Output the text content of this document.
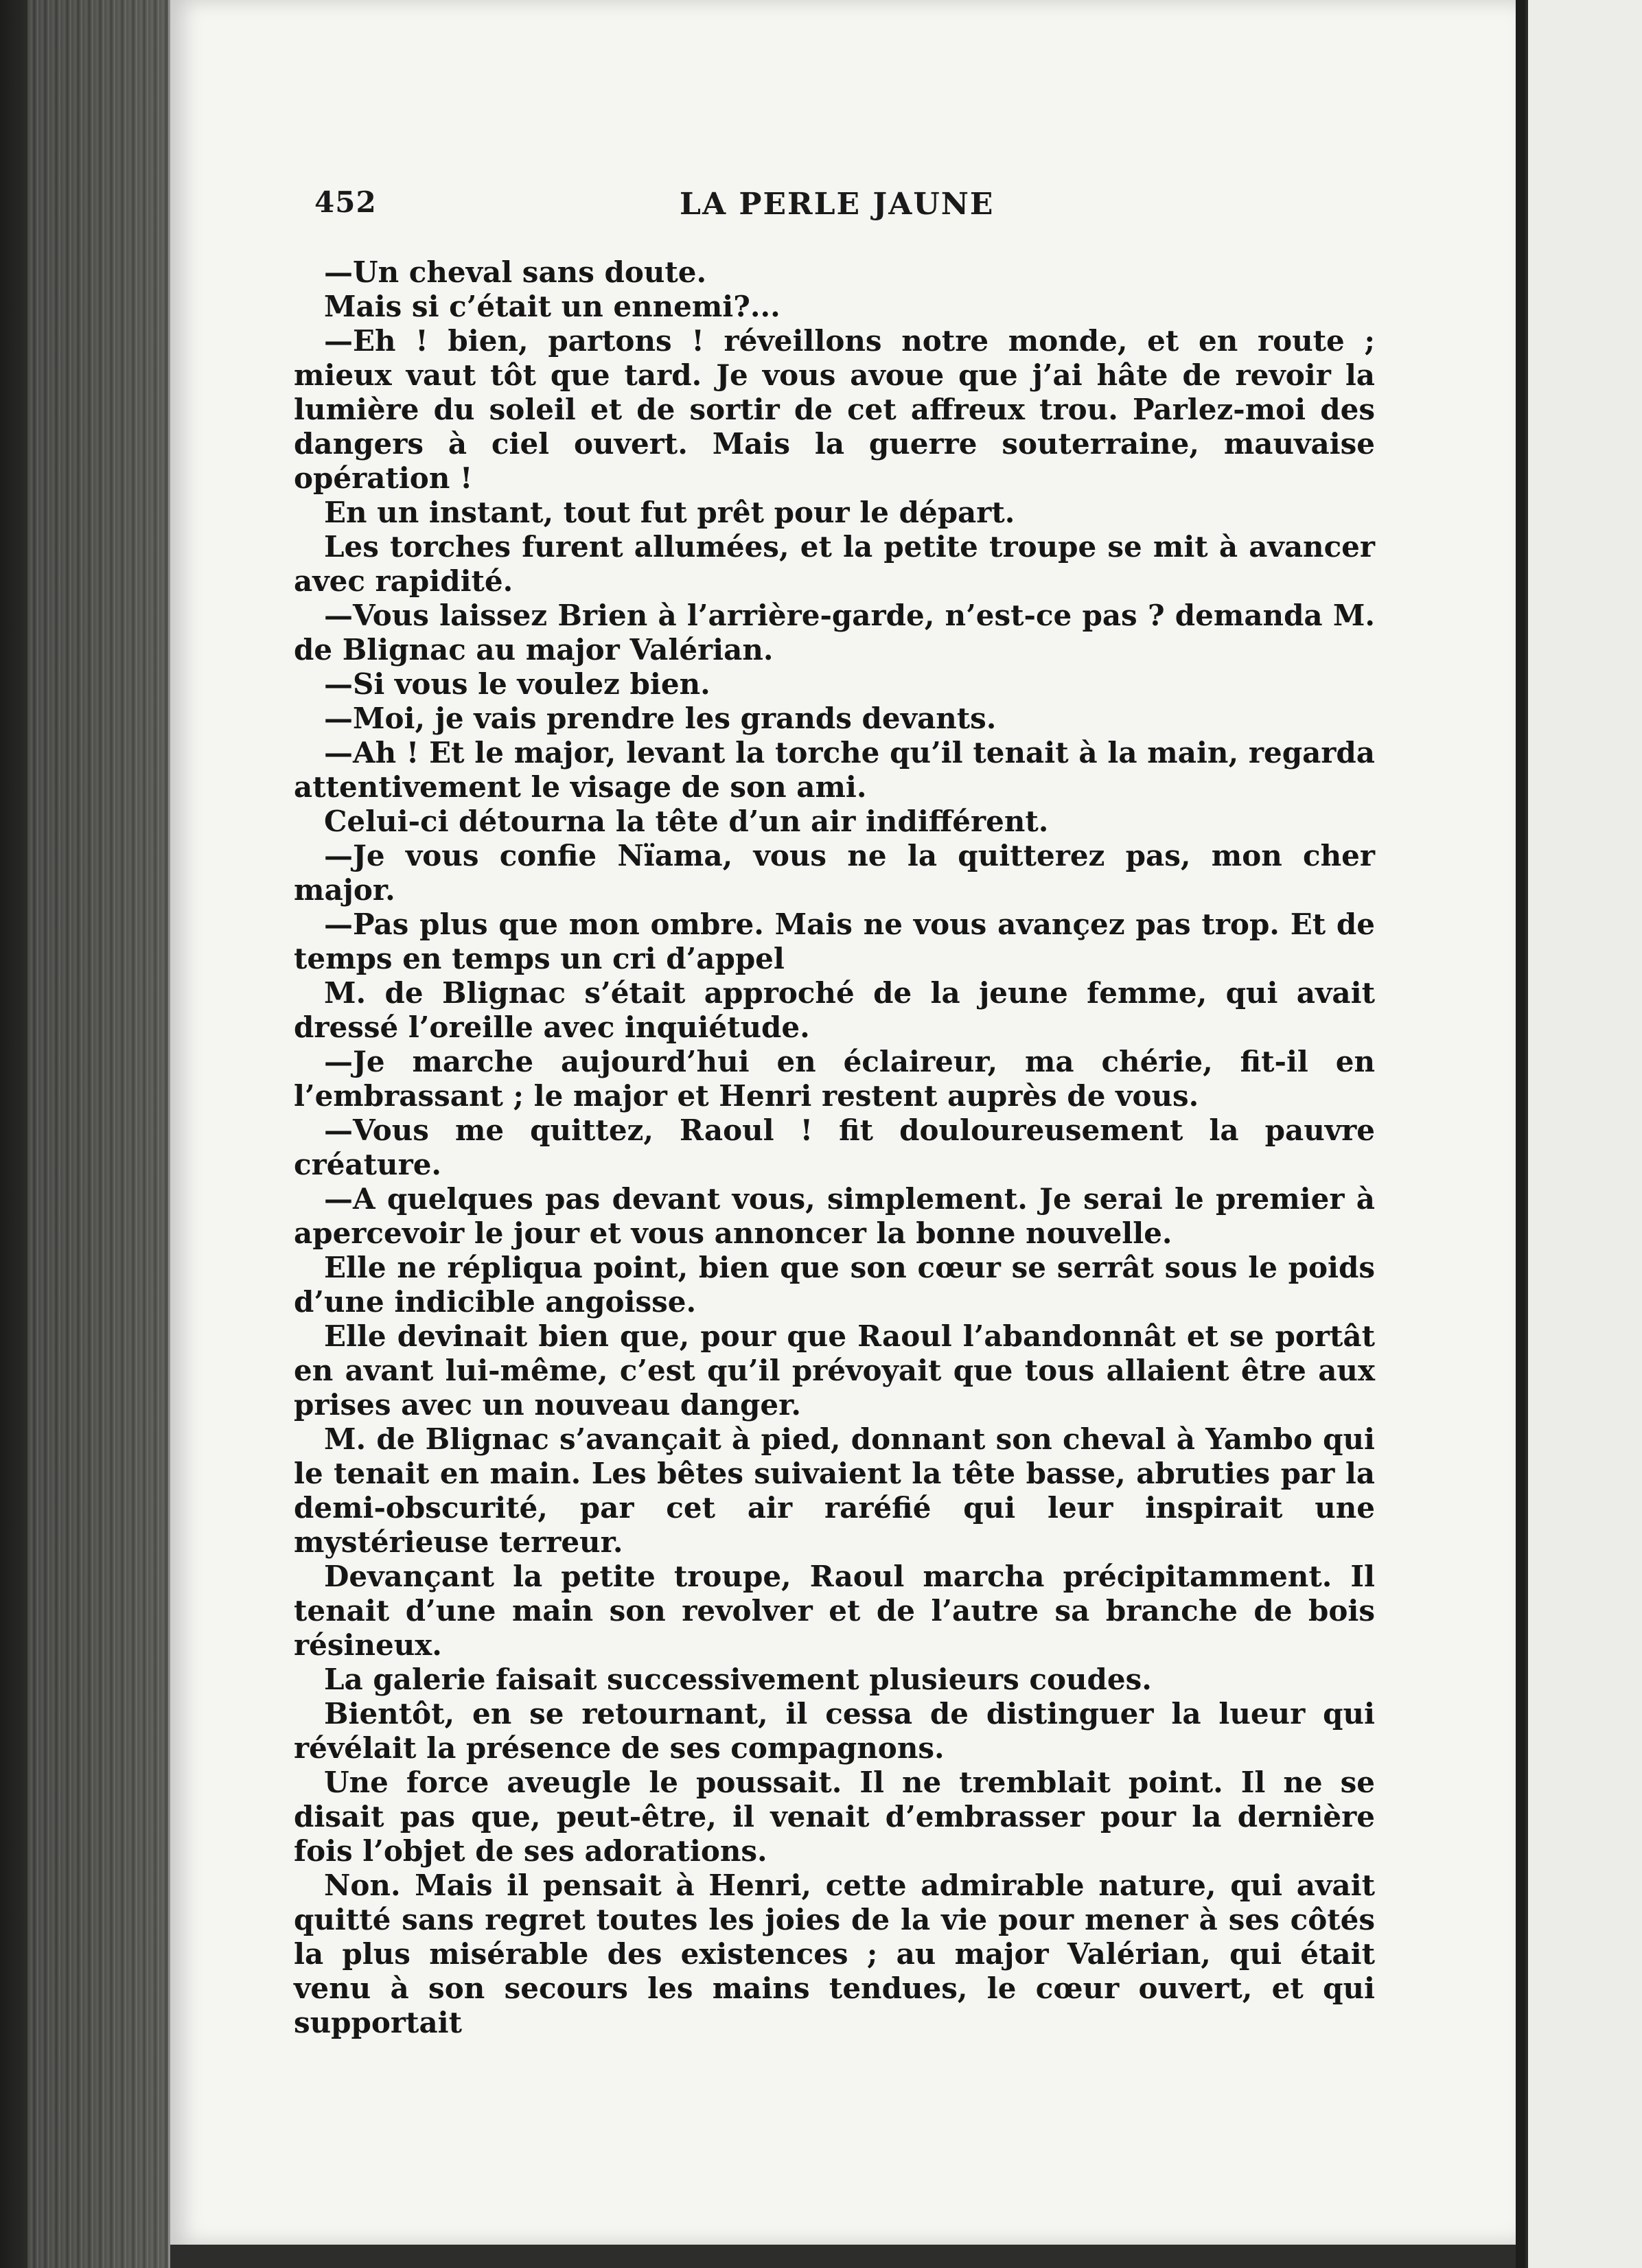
452	LA PERLE JAUNE

—Un cheval sans doute.

Mais si c’était un ennemi?...

—Eh ! bien, partons ! réveillons notre monde, et en route ; mieux vaut tôt que tard. Je vous avoue que j’ai hâte de revoir la lumière du soleil et de sortir de cet affreux trou. Parlez-moi des dangers à ciel ouvert. Mais la guerre souterraine, mauvaise opération !

En un instant, tout fut prêt pour le départ.

Les torches furent allumées, et la petite troupe se mit à avancer avec rapidité.

—Vous laissez Brien à l’arrière-garde, n’est-ce pas ? demanda M. de Blignac au major Valérian.

—Si vous le voulez bien.

—Moi, je vais prendre les grands devants.

—Ah ! Et le major, levant la torche qu’il tenait à la main, regarda attentivement le visage de son ami.

Celui-ci détourna la tête d’un air indifférent.

—Je vous confie Nïama, vous ne la quitterez pas, mon cher major.

—Pas plus que mon ombre. Mais ne vous avançez pas trop. Et de temps en temps un cri d’appel

M. de Blignac s’était approché de la jeune femme, qui avait dressé l’oreille avec inquiétude.

—Je marche aujourd’hui en éclaireur, ma chérie, fit-il en l’embrassant ; le major et Henri restent auprès de vous.

—Vous me quittez, Raoul ! fit douloureusement la pauvre créature.

—A quelques pas devant vous, simplement. Je serai le premier à apercevoir le jour et vous annoncer la bonne nouvelle.

Elle ne répliqua point, bien que son cœur se serrât sous le poids d’une indicible angoisse.

Elle devinait bien que, pour que Raoul l’abandonnât et se portât en avant lui-même, c’est qu’il prévoyait que tous allaient être aux prises avec un nouveau danger.

M. de Blignac s’avançait à pied, donnant son cheval à Yambo qui le tenait en main. Les bêtes suivaient la tête basse, abruties par la demi-obscurité, par cet air raréfié qui leur inspirait une mystérieuse terreur.

Devançant la petite troupe, Raoul marcha précipitamment. Il tenait d’une main son revolver et de l’autre sa branche de bois résineux.

La galerie faisait successivement plusieurs coudes.

Bientôt, en se retournant, il cessa de distinguer la lueur qui révélait la présence de ses compagnons.

Une force aveugle le poussait. Il ne tremblait point. Il ne se disait pas que, peut-être, il venait d’embrasser pour la dernière fois l’objet de ses adorations.

Non. Mais il pensait à Henri, cette admirable nature, qui avait quitté sans regret toutes les joies de la vie pour mener à ses côtés la plus misérable des existences ; au major Valérian, qui était venu à son secours les mains tendues, le cœur ouvert, et qui supportait
